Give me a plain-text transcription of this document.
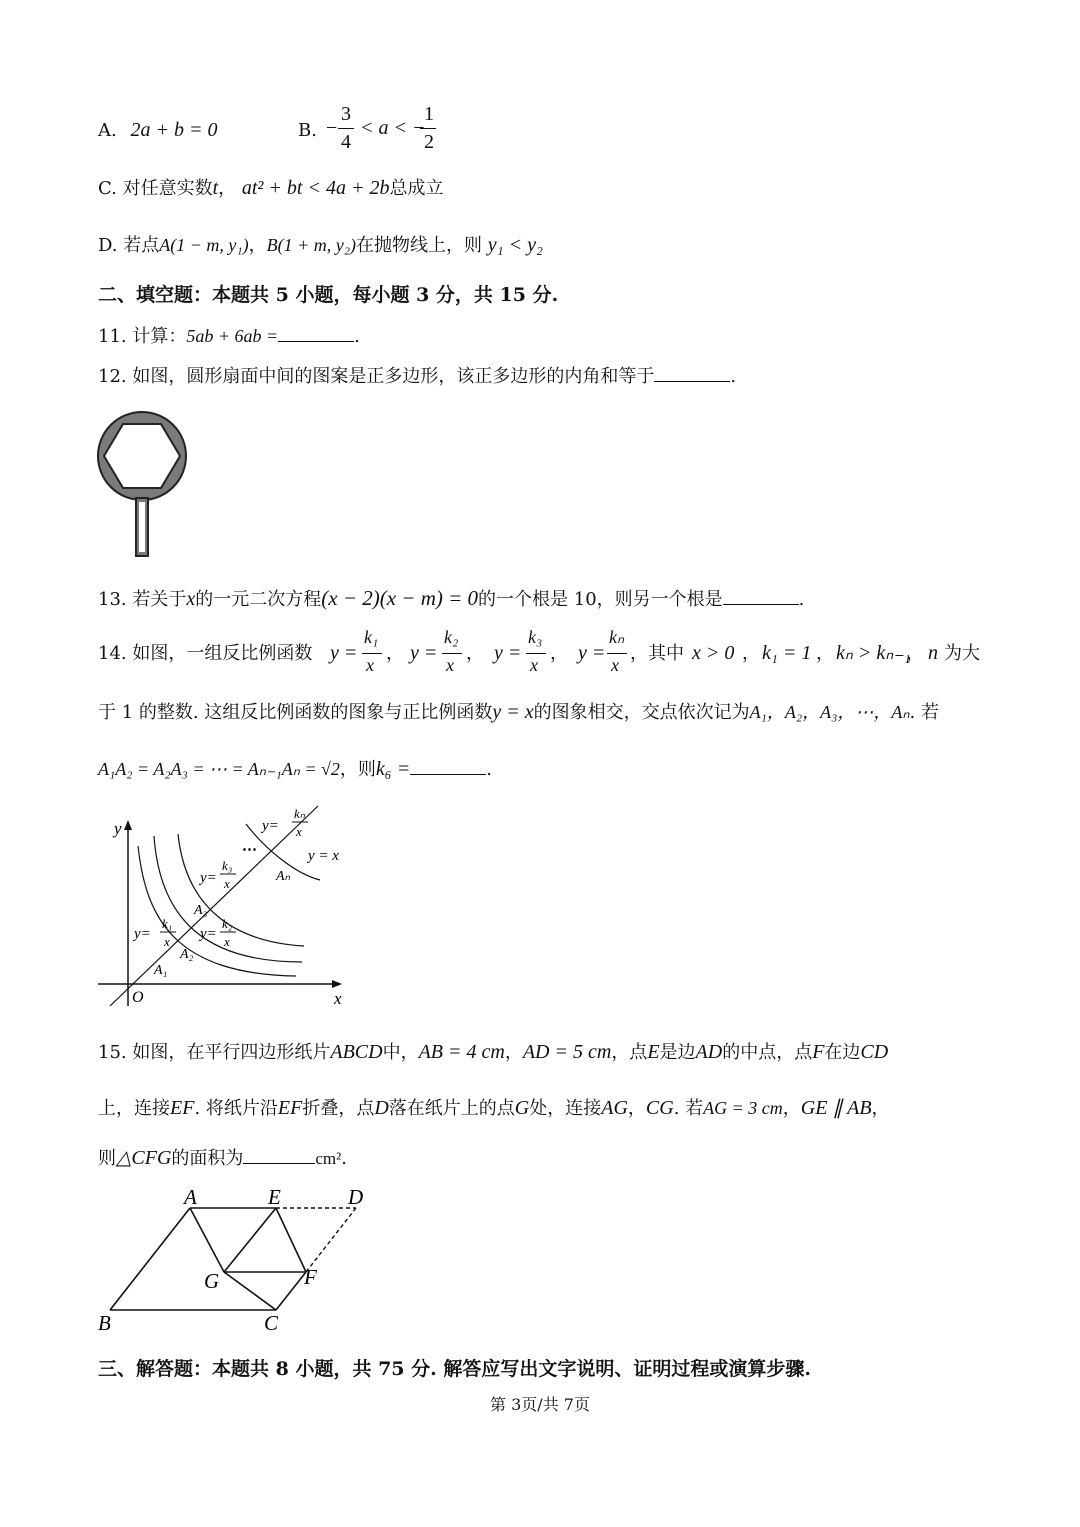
A. 2a + b = 0	B. −
3
4
< a < −
1
2
C. 对任意实数t， at² + bt < 4a + 2b总成立
D. 若点A(1 − m, y₁)，B(1 + m, y₂)在抛物线上，则 y₁ < y₂
二、填空题：本题共 5 小题，每小题 3 分，共 15 分.
11. 计算：5ab + 6ab =	.
12. 如图，圆形扇面中间的图案是正多边形，该正多边形的内角和等于	.
13. 若关于x的一元二次方程(x − 2)(x − m) = 0的一个根是 10，则另一个根是	.
14. 如图，一组反比例函数 y =
k₁
x
， y =
k₂
x
， y =
k₃
x
， y =
kₙ
x
，其中 x > 0 ， k₁ = 1 ， kₙ > kₙ₋₁
， n 为大
于 1 的整数. 这组反比例函数的图象与正比例函数y = x的图象相交，交点依次记为A₁，A₂，A₃，⋯，Aₙ. 若
A₁A₂ = A₂A₃ = ⋯ = Aₙ₋₁Aₙ = √2，则k₆ =	.
x
y
O
y=
k₁
x y=
k₂
x
y=
k₃
x
y=
kₙ
x
y = x
⋯
A₁
A₂
A₃
Aₙ
15. 如图，在平行四边形纸片ABCD中，AB = 4 cm，AD = 5 cm，点E是边AD的中点，点F在边CD
上，连接EF. 将纸片沿EF折叠，点D落在纸片上的点G处，连接AG，CG. 若AG = 3 cm，GE ∥ AB，
则△CFG的面积为	cm².
A	E	D
B	C
G	F
三、解答题：本题共 8 小题，共 75 分. 解答应写出文字说明、证明过程或演算步骤.
第 3页/共 7页
